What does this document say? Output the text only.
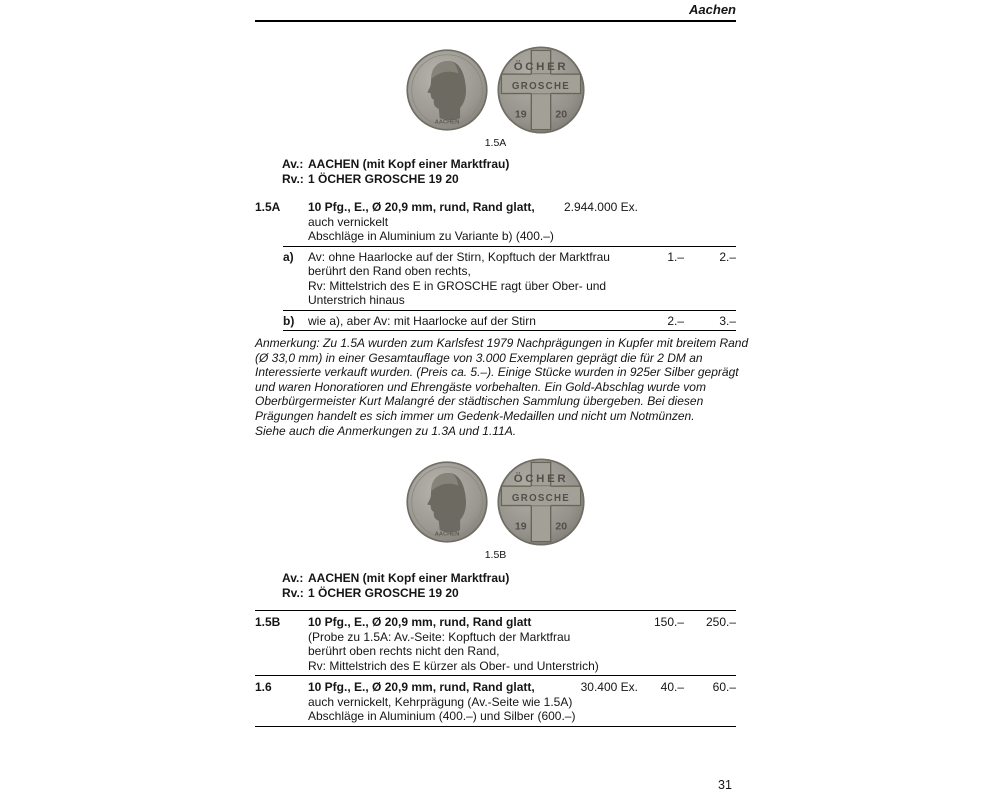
Aachen
AACHEN
ÖCHER
GROSCHE
19 20
1.5A
Av.: AACHEN (mit Kopf einer Marktfrau)
Rv.: 1 ÖCHER GROSCHE 19 20
1.5A	10 Pfg., E., Ø 20,9 mm, rund, Rand glatt,	2.944.000 Ex.
auch vernickelt
Abschläge in Aluminium zu Variante b) (400.–)
a)	Av: ohne Haarlocke auf der Stirn, Kopftuch der Marktfrau	1.–	2.–
berührt den Rand oben rechts,
Rv: Mittelstrich des E in GROSCHE ragt über Ober- und
Unterstrich hinaus
b)	wie a), aber Av: mit Haarlocke auf der Stirn	2.–	3.–
Anmerkung: Zu 1.5A wurden zum Karlsfest 1979 Nachprägungen in Kupfer mit breitem Rand
(Ø 33,0 mm) in einer Gesamtauflage von 3.000 Exemplaren geprägt die für 2 DM an
Interessierte verkauft wurden. (Preis ca. 5.–). Einige Stücke wurden in 925er Silber geprägt
und waren Honoratioren und Ehrengäste vorbehalten. Ein Gold-Abschlag wurde vom
Oberbürgermeister Kurt Malangré der städtischen Sammlung übergeben. Bei diesen
Prägungen handelt es sich immer um Gedenk-Medaillen und nicht um Notmünzen.
Siehe auch die Anmerkungen zu 1.3A und 1.11A.
AACHEN
ÖCHER
GROSCHE
19 20
1.5B
Av.: AACHEN (mit Kopf einer Marktfrau)
Rv.: 1 ÖCHER GROSCHE 19 20
1.5B	10 Pfg., E., Ø 20,9 mm, rund, Rand glatt	150.–	250.–
(Probe zu 1.5A: Av.-Seite: Kopftuch der Marktfrau
berührt oben rechts nicht den Rand,
Rv: Mittelstrich des E kürzer als Ober- und Unterstrich)
1.6	10 Pfg., E., Ø 20,9 mm, rund, Rand glatt,	30.400 Ex.	40.–	60.–
auch vernickelt, Kehrprägung (Av.-Seite wie 1.5A)
Abschläge in Aluminium (400.–) und Silber (600.–)
31
